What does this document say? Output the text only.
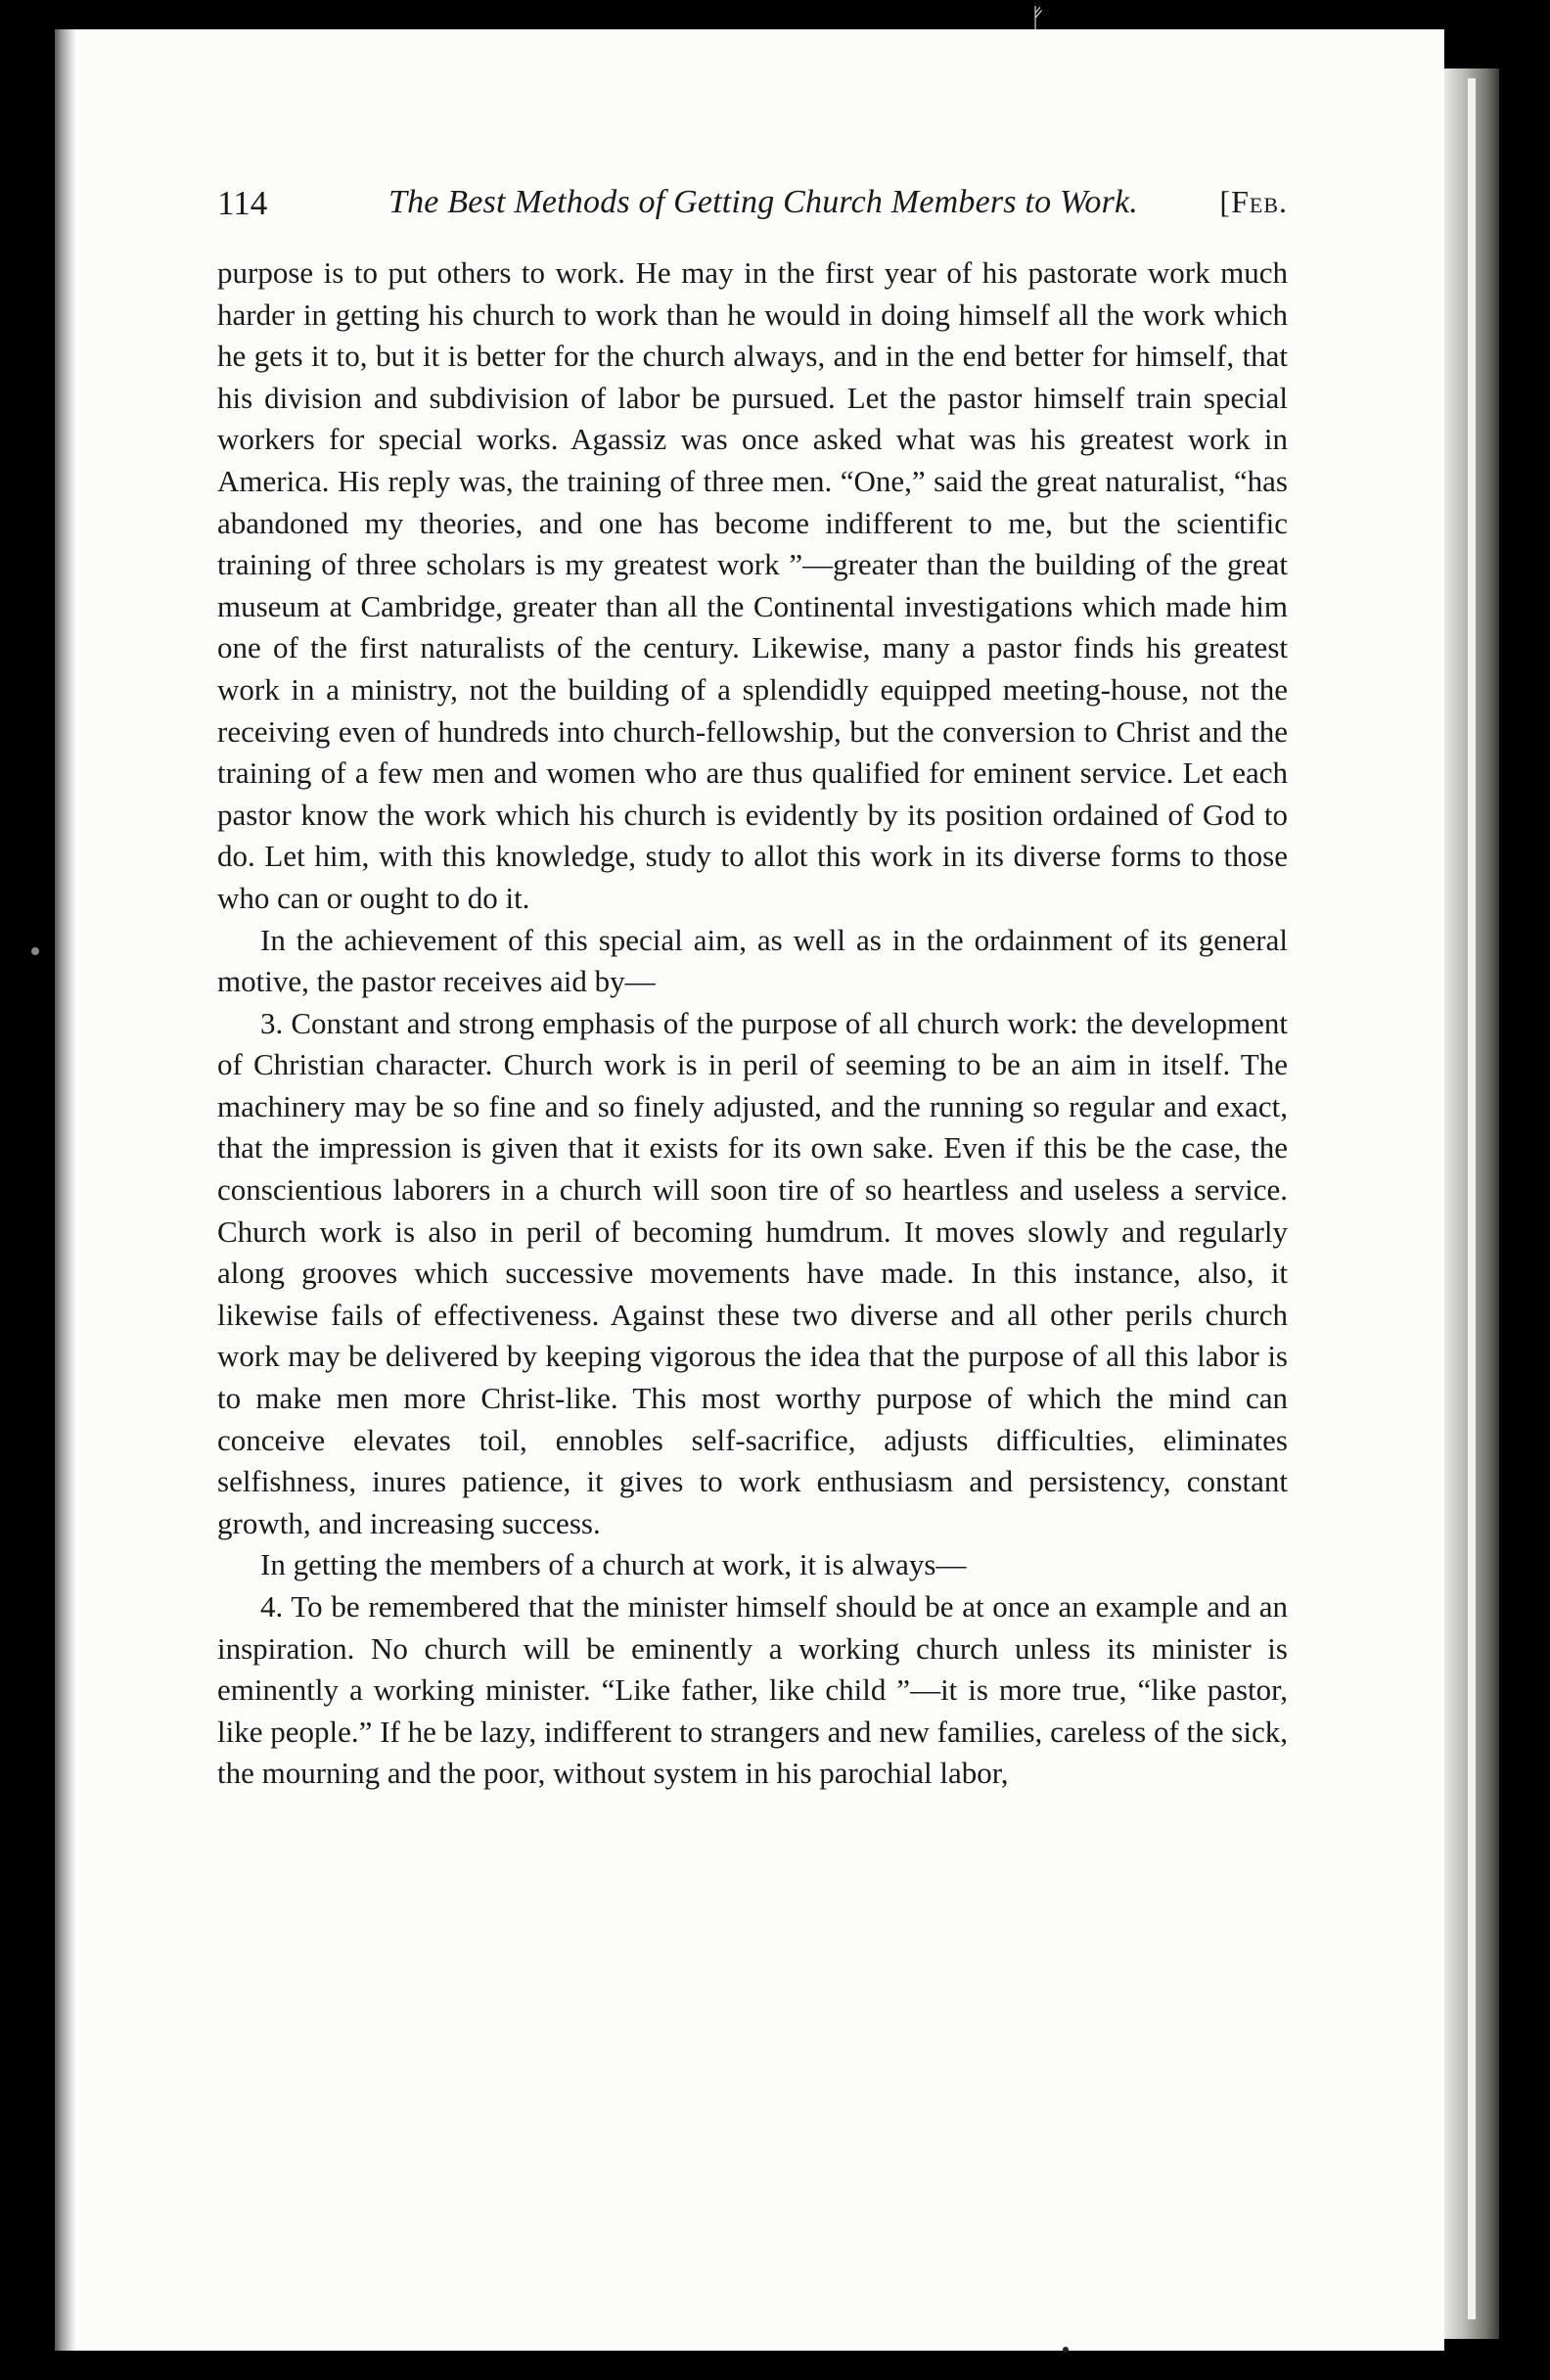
ᚠ
114	The Best Methods of Getting Church Members to Work.	[Feb.

purpose is to put others to work. He may in the first year of his pastorate work much harder in getting his church to work than he would in doing himself all the work which he gets it to, but it is better for the church always, and in the end better for himself, that his division and subdivision of labor be pursued. Let the pastor himself train special workers for special works. Agassiz was once asked what was his greatest work in America. His reply was, the training of three men. “One,” said the great naturalist, “has abandoned my theories, and one has become indifferent to me, but the scientific training of three scholars is my greatest work ”—greater than the building of the great museum at Cambridge, greater than all the Continental investigations which made him one of the first naturalists of the century. Likewise, many a pastor finds his greatest work in a ministry, not the building of a splendidly equipped meeting-house, not the receiving even of hundreds into church-fellowship, but the conversion to Christ and the training of a few men and women who are thus qualified for eminent service. Let each pastor know the work which his church is evidently by its position ordained of God to do. Let him, with this knowledge, study to allot this work in its diverse forms to those who can or ought to do it.

In the achievement of this special aim, as well as in the ordainment of its general motive, the pastor receives aid by—

3. Constant and strong emphasis of the purpose of all church work: the development of Christian character. Church work is in peril of seeming to be an aim in itself. The machinery may be so fine and so finely adjusted, and the running so regular and exact, that the impression is given that it exists for its own sake. Even if this be the case, the conscientious laborers in a church will soon tire of so heartless and useless a service. Church work is also in peril of becoming humdrum. It moves slowly and regularly along grooves which successive movements have made. In this instance, also, it likewise fails of effectiveness. Against these two diverse and all other perils church work may be delivered by keeping vigorous the idea that the purpose of all this labor is to make men more Christ-like. This most worthy purpose of which the mind can conceive elevates toil, ennobles self-sacrifice, adjusts difficulties, eliminates selfishness, inures patience, it gives to work enthusiasm and persistency, constant growth, and increasing success.

In getting the members of a church at work, it is always—

4. To be remembered that the minister himself should be at once an example and an inspiration. No church will be eminently a working church unless its minister is eminently a working minister. “Like father, like child ”—it is more true, “like pastor, like people.” If he be lazy, indifferent to strangers and new families, careless of the sick, the mourning and the poor, without system in his parochial labor,
